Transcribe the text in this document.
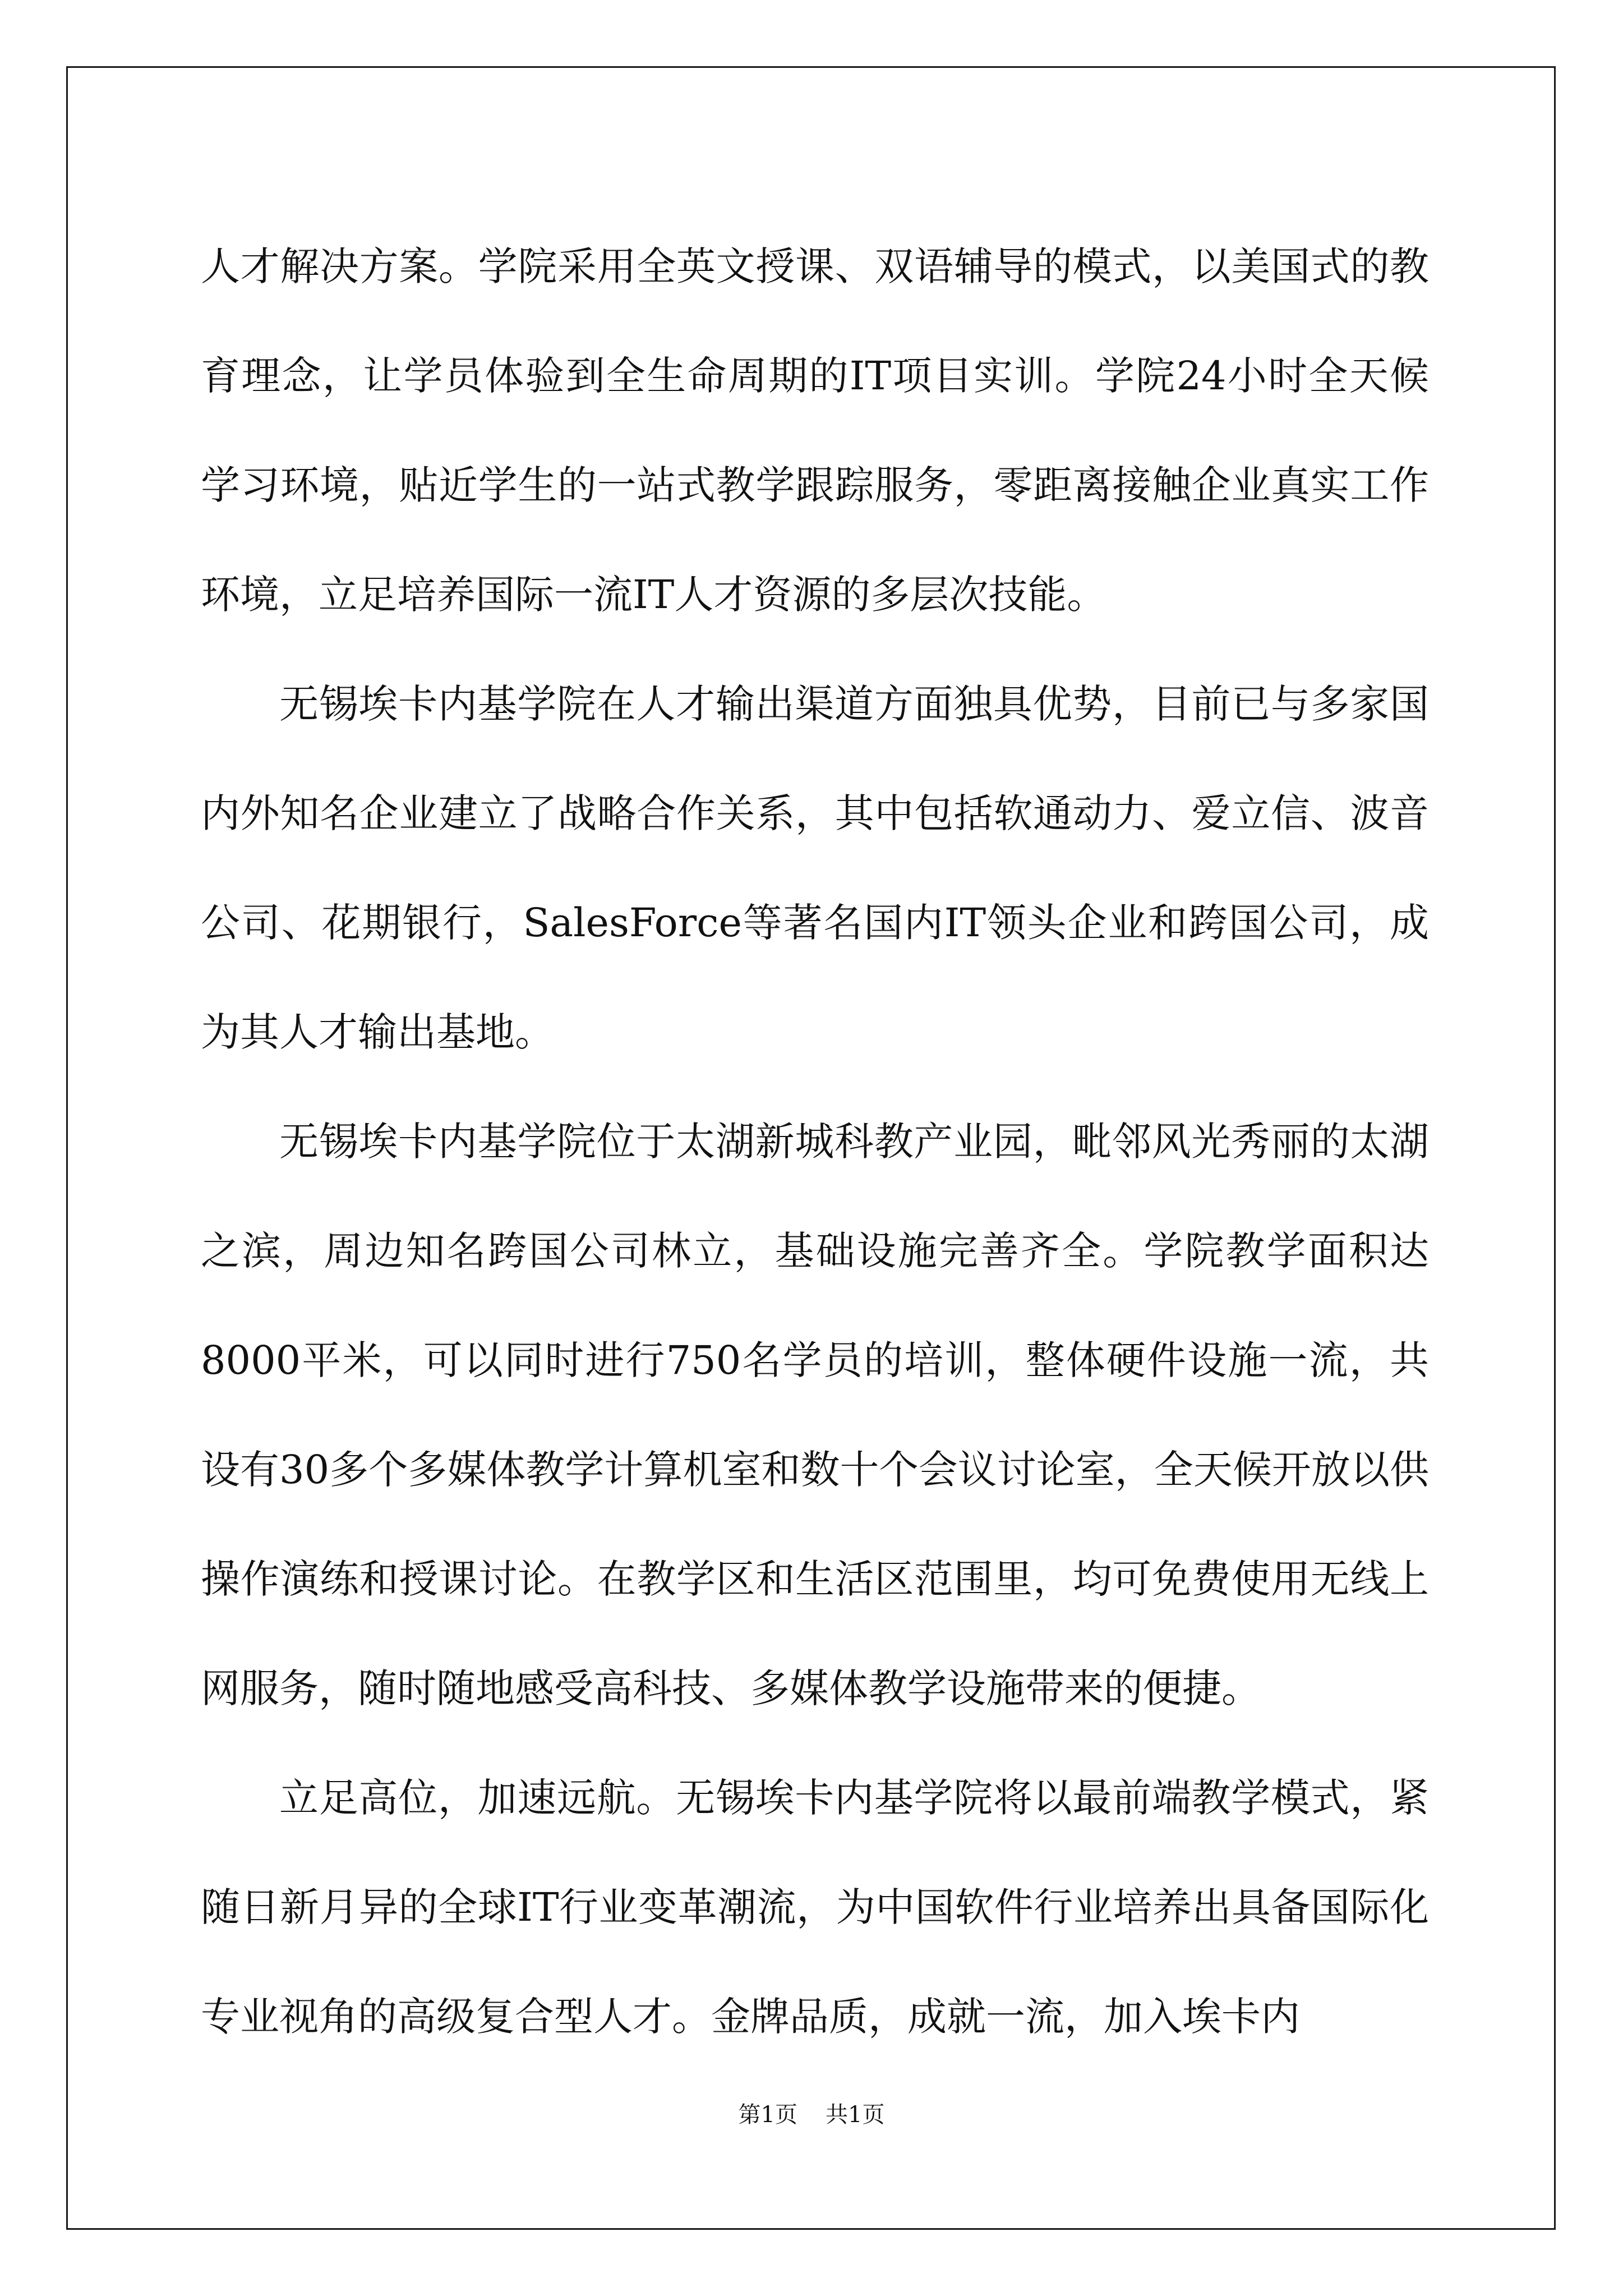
人才解决方案。学院采用全英文授课、双语辅导的模式，以美国式的教育理念，让学员体验到全生命周期的IT项目实训。学院24小时全天候学习环境，贴近学生的一站式教学跟踪服务，零距离接触企业真实工作环境，立足培养国际一流IT人才资源的多层次技能。

无锡埃卡内基学院在人才输出渠道方面独具优势，目前已与多家国内外知名企业建立了战略合作关系，其中包括软通动力、爱立信、波音公司、花期银行，SalesForce等著名国内IT领头企业和跨国公司，成为其人才输出基地。

无锡埃卡内基学院位于太湖新城科教产业园，毗邻风光秀丽的太湖之滨，周边知名跨国公司林立，基础设施完善齐全。学院教学面积达8000平米，可以同时进行750名学员的培训，整体硬件设施一流，共设有30多个多媒体教学计算机室和数十个会议讨论室，全天候开放以供操作演练和授课讨论。在教学区和生活区范围里，均可免费使用无线上网服务，随时随地感受高科技、多媒体教学设施带来的便捷。

立足高位，加速远航。无锡埃卡内基学院将以最前端教学模式，紧随日新月异的全球IT行业变革潮流，为中国软件行业培养出具备国际化专业视角的高级复合型人才。金牌品质，成就一流，加入埃卡内

第1页 共1页
